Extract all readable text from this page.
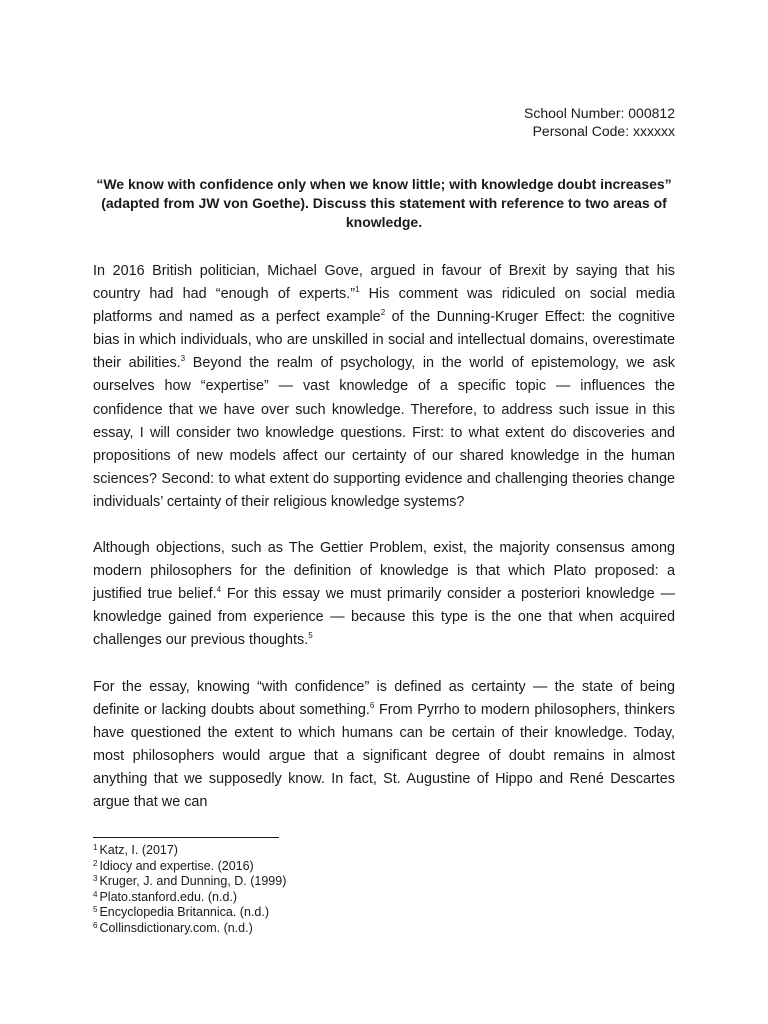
School Number: 000812
Personal Code: xxxxxx
“We know with confidence only when we know little; with knowledge doubt increases” (adapted from JW von Goethe). Discuss this statement with reference to two areas of knowledge.

In 2016 British politician, Michael Gove, argued in favour of Brexit by saying that his country had had “enough of experts.”$^1$ His comment was ridiculed on social media platforms and named as a perfect example$^2$ of the Dunning-Kruger Effect: the cognitive bias in which individuals, who are unskilled in social and intellectual domains, overestimate their abilities.$^3$ Beyond the realm of psychology, in the world of epistemology, we ask ourselves how “expertise” — vast knowledge of a specific topic — influences the confidence that we have over such knowledge. Therefore, to address such issue in this essay, I will consider two knowledge questions. First: to what extent do discoveries and propositions of new models affect our certainty of our shared knowledge in the human sciences? Second: to what extent do supporting evidence and challenging theories change individuals’ certainty of their religious knowledge systems?

Although objections, such as The Gettier Problem, exist, the majority consensus among modern philosophers for the definition of knowledge is that which Plato proposed: a justified true belief.$^4$ For this essay we must primarily consider a posteriori knowledge — knowledge gained from experience — because this type is the one that when acquired challenges our previous thoughts.$^5$

For the essay, knowing “with confidence” is defined as certainty — the state of being definite or lacking doubts about something.$^6$ From Pyrrho to modern philosophers, thinkers have questioned the extent to which humans can be certain of their knowledge. Today, most philosophers would argue that a significant degree of doubt remains in almost anything that we supposedly know. In fact, St. Augustine of Hippo and René Descartes argue that we can

$^1$ Katz, I. (2017)
$^2$ Idiocy and expertise. (2016)
$^3$ Kruger, J. and Dunning, D. (1999)
$^4$ Plato.stanford.edu. (n.d.)
$^5$ Encyclopedia Britannica. (n.d.)
$^6$ Collinsdictionary.com. (n.d.)
